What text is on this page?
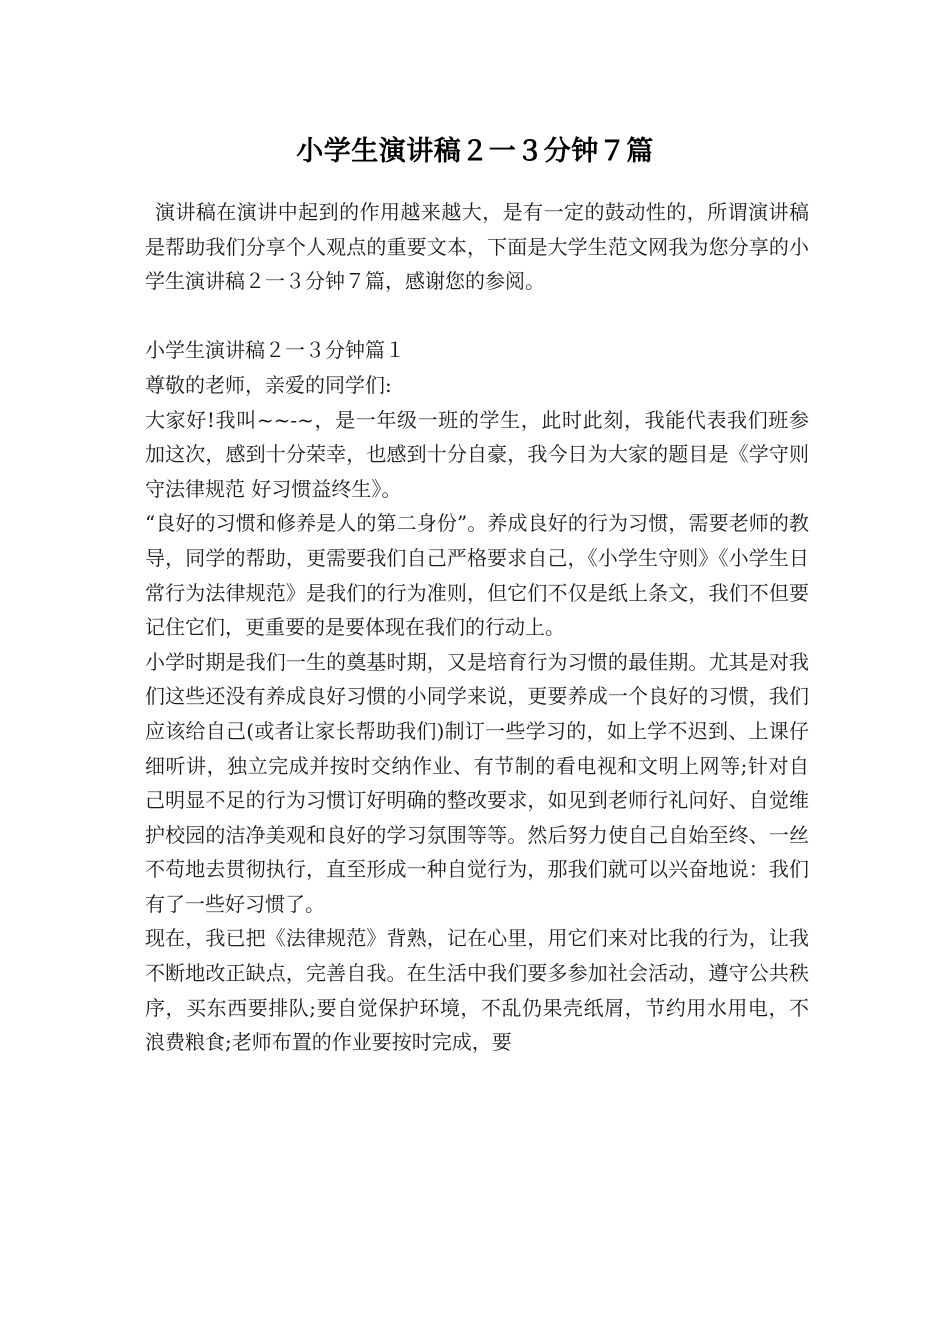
小学生演讲稿２一３分钟７篇

演讲稿在演讲中起到的作用越来越大，是有一定的鼓动性的，所谓演讲稿是帮助我们分享个人观点的重要文本，下面是大学生范文网我为您分享的小学生演讲稿２一３分钟７篇，感谢您的参阅。

小学生演讲稿２一３分钟篇１

尊敬的老师，亲爱的同学们:

大家好!我叫~~-~，是一年级一班的学生，此时此刻，我能代表我们班参加这次，感到十分荣幸，也感到十分自豪，我今日为大家的题目是《学守则 守法律规范 好习惯益终生》。

“良好的习惯和修养是人的第二身份”。养成良好的行为习惯，需要老师的教导，同学的帮助，更需要我们自己严格要求自己，《小学生守则》《小学生日常行为法律规范》是我们的行为准则，但它们不仅是纸上条文，我们不但要记住它们，更重要的是要体现在我们的行动上。

小学时期是我们一生的奠基时期，又是培育行为习惯的最佳期。尤其是对我们这些还没有养成良好习惯的小同学来说，更要养成一个良好的习惯，我们应该给自己(或者让家长帮助我们)制订一些学习的，如上学不迟到、上课仔细听讲，独立完成并按时交纳作业、有节制的看电视和文明上网等;针对自己明显不足的行为习惯订好明确的整改要求，如见到老师行礼问好、自觉维护校园的洁净美观和良好的学习氛围等等。然后努力使自己自始至终、一丝不苟地去贯彻执行，直至形成一种自觉行为，那我们就可以兴奋地说：我们有了一些好习惯了。

现在，我已把《法律规范》背熟，记在心里，用它们来对比我的行为，让我不断地改正缺点，完善自我。在生活中我们要多参加社会活动，遵守公共秩序，买东西要排队;要自觉保护环境，不乱仍果壳纸屑，节约用水用电，不浪费粮食;老师布置的作业要按时完成，要
